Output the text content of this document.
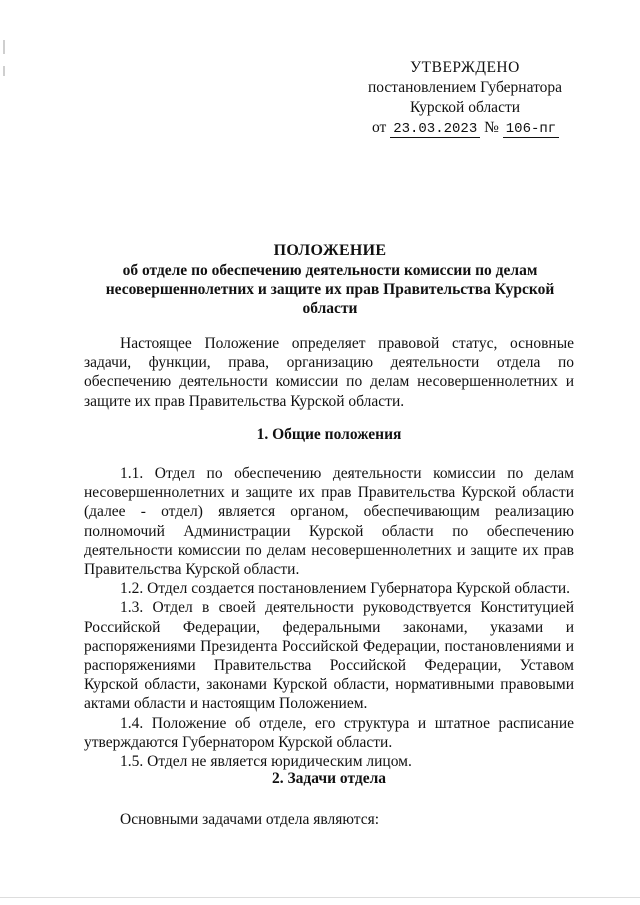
УТВЕРЖДЕНО
постановлением Губернатора
Курской области
от 23.03.2023 № 106-пг
ПОЛОЖЕНИЕ
об отделе по обеспечению деятельности комиссии по делам
несовершеннолетних и защите их прав Правительства Курской
области

Настоящее Положение определяет правовой статус, основные задачи, функции, права, организацию деятельности отдела по обеспечению деятельности комиссии по делам несовершеннолетних и защите их прав Правительства Курской области.

1. Общие положения

1.1. Отдел по обеспечению деятельности комиссии по делам несовершеннолетних и защите их прав Правительства Курской области (далее - отдел) является органом, обеспечивающим реализацию полномочий Администрации Курской области по обеспечению деятельности комиссии по делам несовершеннолетних и защите их прав Правительства Курской области.

1.2. Отдел создается постановлением Губернатора Курской области.

1.3. Отдел в своей деятельности руководствуется Конституцией Российской Федерации, федеральными законами, указами и распоряжениями Президента Российской Федерации, постановлениями и распоряжениями Правительства Российской Федерации, Уставом Курской области, законами Курской области, нормативными правовыми актами области и настоящим Положением.

1.4. Положение об отделе, его структура и штатное расписание утверждаются Губернатором Курской области.

1.5. Отдел не является юридическим лицом.

2. Задачи отдела

Основными задачами отдела являются:
